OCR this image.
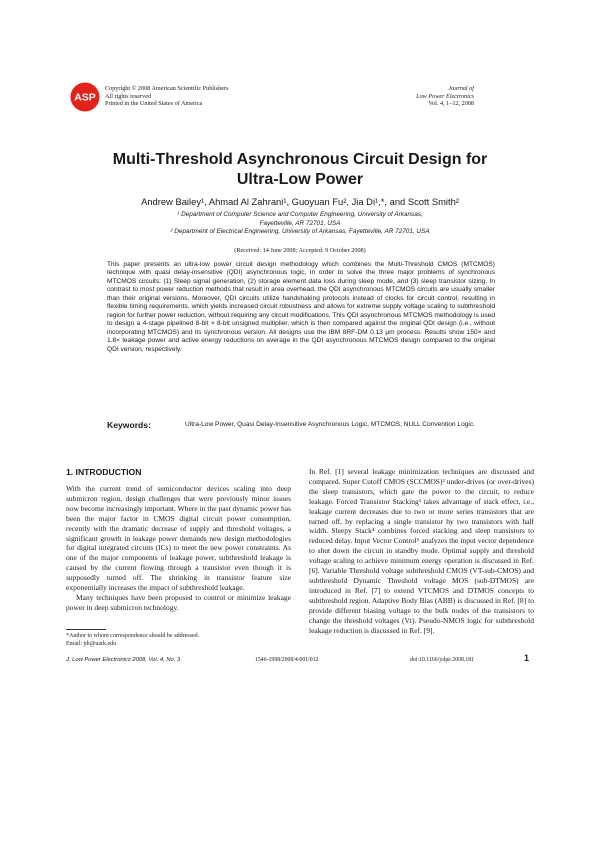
ASP
Copyright © 2008 American Scientific Publishers
All rights reserved
Printed in the United States of America
Journal of
Low Power Electronics
Vol. 4, 1–12, 2008
Multi-Threshold Asynchronous Circuit Design for
Ultra-Low Power
Andrew Bailey¹, Ahmad Al Zahrani¹, Guoyuan Fu², Jia Di¹,*, and Scott Smith²
¹ Department of Computer Science and Computer Engineering, University of Arkansas,
Fayetteville, AR 72701, USA
² Department of Electrical Engineering, University of Arkansas, Fayetteville, AR 72701, USA
(Received: 14 June 2008; Accepted: 9 October 2008)
This paper presents an ultra-low power circuit design methodology which combines the Multi-Threshold CMOS (MTCMOS) technique with quasi delay-insensitive (QDI) asynchronous logic, in order to solve the three major problems of synchronous MTCMOS circuits: (1) Sleep signal generation, (2) storage element data loss during sleep mode, and (3) sleep transistor sizing. In contrast to most power reduction methods that result in area overhead, the QDI asynchronous MTCMOS circuits are usually smaller than their original versions. Moreover, QDI circuits utilize handshaking protocols instead of clocks for circuit control, resulting in flexible timing requirements, which yields increased circuit robustness and allows for extreme supply voltage scaling to subthreshold region for further power reduction, without requiring any circuit modifications. This QDI asynchronous MTCMOS methodology is used to design a 4-stage pipelined 8-bit × 8-bit unsigned multiplier, which is then compared against the original QDI design (i.e., without incorporating MTCMOS) and its synchronous version. All designs use the IBM 8RF-DM 0.13 μm process. Results show 150× and 1.8× leakage power and active energy reductions on average in the QDI asynchronous MTCMOS design compared to the original QDI version, respectively.
Keywords:	Ultra-Low Power, Quasi Delay-Insensitive Asynchronous Logic, MTCMOS, NULL Convention Logic.
1. INTRODUCTION

With the current trend of semiconductor devices scaling into deep submicron region, design challenges that were previously minor issues now become increasingly important. Where in the past dynamic power has been the major factor in CMOS digital circuit power consumption, recently with the dramatic decrease of supply and threshold voltages, a significant growth in leakage power demands new design methodologies for digital integrated circuits (ICs) to meet the new power constraints. As one of the major components of leakage power, subthreshold leakage is caused by the current flowing through a transistor even though it is supposedly turned off. The shrinking in transistor feature size exponentially increases the impact of subthreshold leakage.

Many techniques have been proposed to control or minimize leakage power in deep submicron technology.

In Ref. [1] several leakage minimization techniques are discussed and compared. Super Cutoff CMOS (SCCMOS)² under-drives (or over-drives) the sleep transistors, which gate the power to the circuit, to reduce leakage. Forced Transistor Stacking³ takes advantage of stack effect, i.e., leakage current decreases due to two or more series transistors that are turned off, by replacing a single transistor by two transistors with half width. Sleepy Stack⁴ combines forced stacking and sleep transistors to reduced delay. Input Vector Control⁵ analyzes the input vector dependence to shut down the circuit in standby mode. Optimal supply and threshold voltage scaling to achieve minimum energy operation is discussed in Ref. [6]. Variable Threshold voltage subthreshold CMOS (VT-sub-CMOS) and subthreshold Dynamic Threshold voltage MOS (sub-DTMOS) are introduced in Ref. [7] to extend VTCMOS and DTMOS concepts to subthreshold region. Adaptive Body Bias (ABB) is discussed in Ref. [8] to provide different biasing voltage to the bulk nodes of the transistors to change the threshold voltages (Vt). Pseudo-NMOS logic for subthreshold leakage reduction is discussed in Ref. [9].

*Author to whom correspondence should be addressed.
Email: jdi@uark.edu
J. Low Power Electronics 2008, Vol. 4, No. 3	1546-1998/2008/4/001/012	doi:10.1166/jolpe.2008.181	1
